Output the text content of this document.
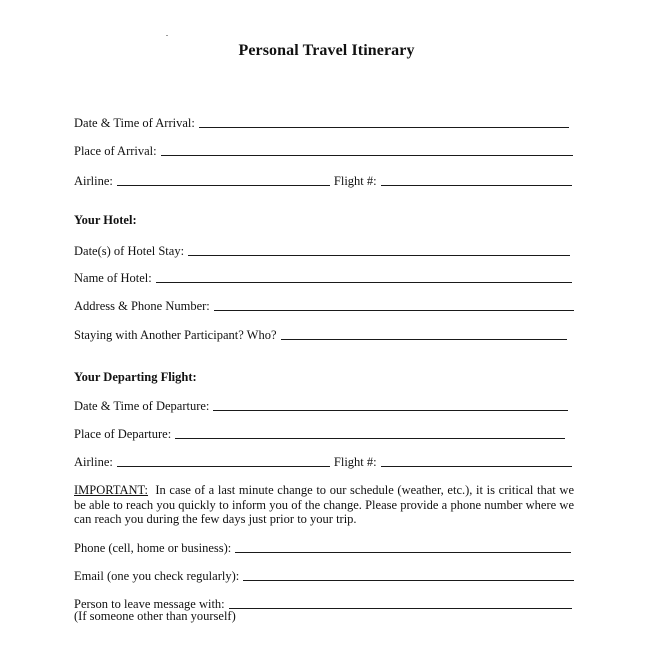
Personal Travel Itinerary
Date & Time of Arrival:
Place of Arrival:
Airline:	Flight #:
Your Hotel:
Date(s) of Hotel Stay:
Name of Hotel:
Address & Phone Number:
Staying with Another Participant? Who?
Your Departing Flight:
Date & Time of Departure:
Place of Departure:
Airline:	Flight #:
IMPORTANT: In case of a last minute change to our schedule (weather, etc.), it is critical that we be able to reach you quickly to inform you of the change. Please provide a phone number where we can reach you during the few days just prior to your trip.
Phone (cell, home or business):
Email (one you check regularly):
Person to leave message with:
(If someone other than yourself)
